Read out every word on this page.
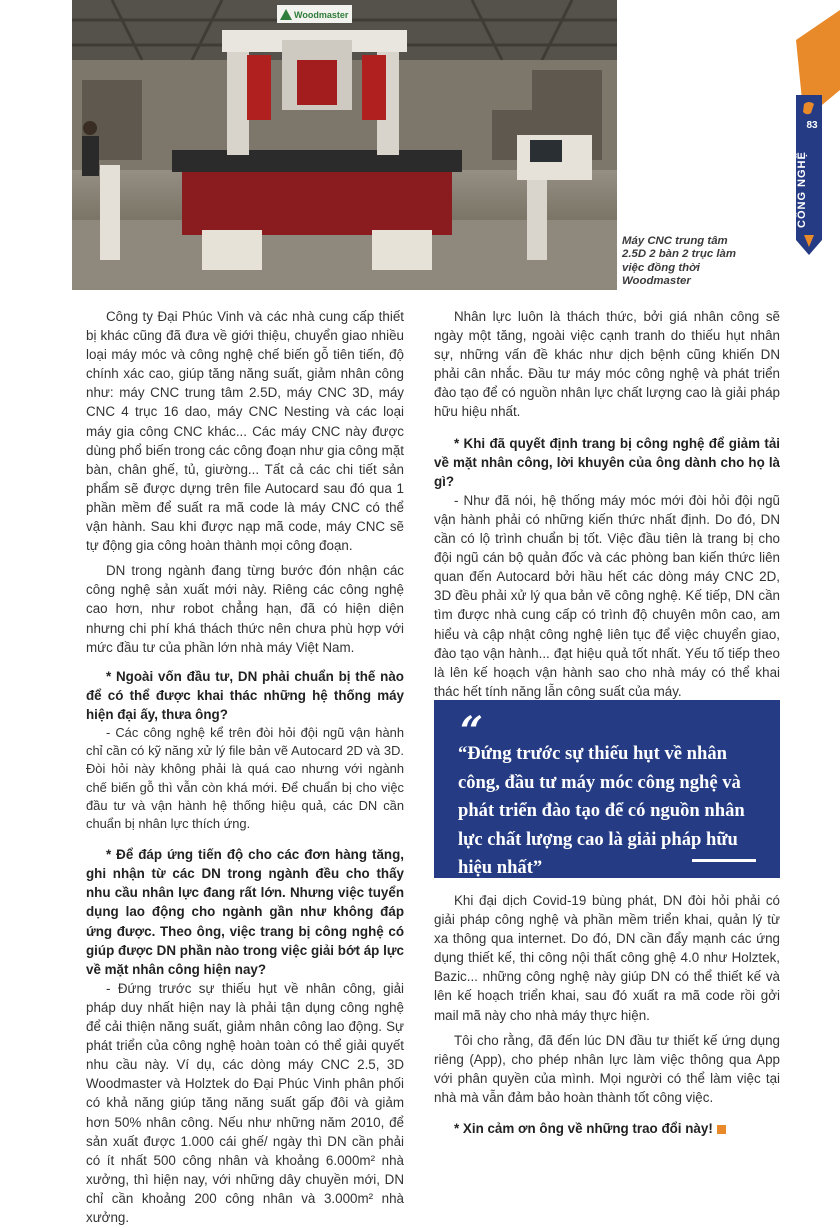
Woodmaster
Máy CNC trung tâm 2.5D 2 bàn 2 trục làm việc đồng thời Woodmaster
83
CÔNG NGHỆ

Công ty Đại Phúc Vinh và các nhà cung cấp thiết bị khác cũng đã đưa về giới thiệu, chuyển giao nhiều loại máy móc và công nghệ chế biến gỗ tiên tiến, độ chính xác cao, giúp tăng năng suất, giảm nhân công như: máy CNC trung tâm 2.5D, máy CNC 3D, máy CNC 4 trục 16 dao, máy CNC Nesting và các loại máy gia công CNC khác... Các máy CNC này được dùng phổ biến trong các công đoạn như gia công mặt bàn, chân ghế, tủ, giường... Tất cả các chi tiết sản phẩm sẽ được dựng trên file Autocard sau đó qua 1 phần mềm để suất ra mã code là máy CNC có thể vận hành. Sau khi được nạp mã code, máy CNC sẽ tự động gia công hoàn thành mọi công đoạn.

DN trong ngành đang từng bước đón nhận các công nghệ sản xuất mới này. Riêng các công nghệ cao hơn, như robot chẳng hạn, đã có hiện diện nhưng chi phí khá thách thức nên chưa phù hợp với mức đầu tư của phần lớn nhà máy Việt Nam.

* Ngoài vốn đầu tư, DN phải chuẩn bị thế nào để có thể được khai thác những hệ thống máy hiện đại ấy, thưa ông?

- Các công nghệ kể trên đòi hỏi đội ngũ vận hành chỉ cần có kỹ năng xử lý file bản vẽ Autocard 2D và 3D. Đòi hỏi này không phải là quá cao nhưng với ngành chế biến gỗ thì vẫn còn khá mới. Để chuẩn bị cho việc đầu tư và vận hành hệ thống hiệu quả, các DN cần chuẩn bị nhân lực thích ứng.

* Để đáp ứng tiến độ cho các đơn hàng tăng, ghi nhận từ các DN trong ngành đều cho thấy nhu cầu nhân lực đang rất lớn. Nhưng việc tuyển dụng lao động cho ngành gần như không đáp ứng được. Theo ông, việc trang bị công nghệ có giúp được DN phần nào trong việc giải bớt áp lực về mặt nhân công hiện nay?

- Đứng trước sự thiếu hụt về nhân công, giải pháp duy nhất hiện nay là phải tận dụng công nghệ để cải thiện năng suất, giảm nhân công lao động. Sự phát triển của công nghệ hoàn toàn có thể giải quyết nhu cầu này. Ví dụ, các dòng máy CNC 2.5, 3D Woodmaster và Holztek do Đại Phúc Vinh phân phối có khả năng giúp tăng năng suất gấp đôi và giảm hơn 50% nhân công. Nếu như những năm 2010, để sản xuất được 1.000 cái ghế/ ngày thì DN cần phải có ít nhất 500 công nhân và khoảng 6.000m² nhà xưởng, thì hiện nay, với những dây chuyền mới, DN chỉ cần khoảng 200 công nhân và 3.000m² nhà xưởng.

Nhân lực luôn là thách thức, bởi giá nhân công sẽ ngày một tăng, ngoài việc cạnh tranh do thiếu hụt nhân sự, những vấn đề khác như dịch bệnh cũng khiến DN phải cân nhắc. Đầu tư máy móc công nghệ và phát triển đào tạo để có nguồn nhân lực chất lượng cao là giải pháp hữu hiệu nhất.

* Khi đã quyết định trang bị công nghệ để giảm tải về mặt nhân công, lời khuyên của ông dành cho họ là gì?

- Như đã nói, hệ thống máy móc mới đòi hỏi đội ngũ vận hành phải có những kiến thức nhất định. Do đó, DN cần có lộ trình chuẩn bị tốt. Việc đầu tiên là trang bị cho đội ngũ cán bộ quản đốc và các phòng ban kiến thức liên quan đến Autocard bởi hầu hết các dòng máy CNC 2D, 3D đều phải xử lý qua bản vẽ công nghệ. Kế tiếp, DN cần tìm được nhà cung cấp có trình độ chuyên môn cao, am hiểu và cập nhật công nghệ liên tục để việc chuyển giao, đào tạo vận hành... đạt hiệu quả tốt nhất. Yếu tố tiếp theo là lên kế hoạch vận hành sao cho nhà máy có thể khai thác hết tính năng lẫn công suất của máy.

“
“Đứng trước sự thiếu hụt về nhân công, đầu tư máy móc công nghệ và phát triển đào tạo để có nguồn nhân lực chất lượng cao là giải pháp hữu hiệu nhất”

Khi đại dịch Covid-19 bùng phát, DN đòi hỏi phải có giải pháp công nghệ và phần mềm triển khai, quản lý từ xa thông qua internet. Do đó, DN cần đẩy mạnh các ứng dụng thiết kế, thi công nội thất công ghệ 4.0 như Holztek, Bazic... những công nghệ này giúp DN có thể thiết kế và lên kế hoạch triển khai, sau đó xuất ra mã code rồi gởi mail mã này cho nhà máy thực hiện.

Tôi cho rằng, đã đến lúc DN đầu tư thiết kế ứng dụng riêng (App), cho phép nhân lực làm việc thông qua App với phân quyền của mình. Mọi người có thể làm việc tại nhà mà vẫn đảm bảo hoàn thành tốt công việc.

* Xin cảm ơn ông về những trao đổi này!
